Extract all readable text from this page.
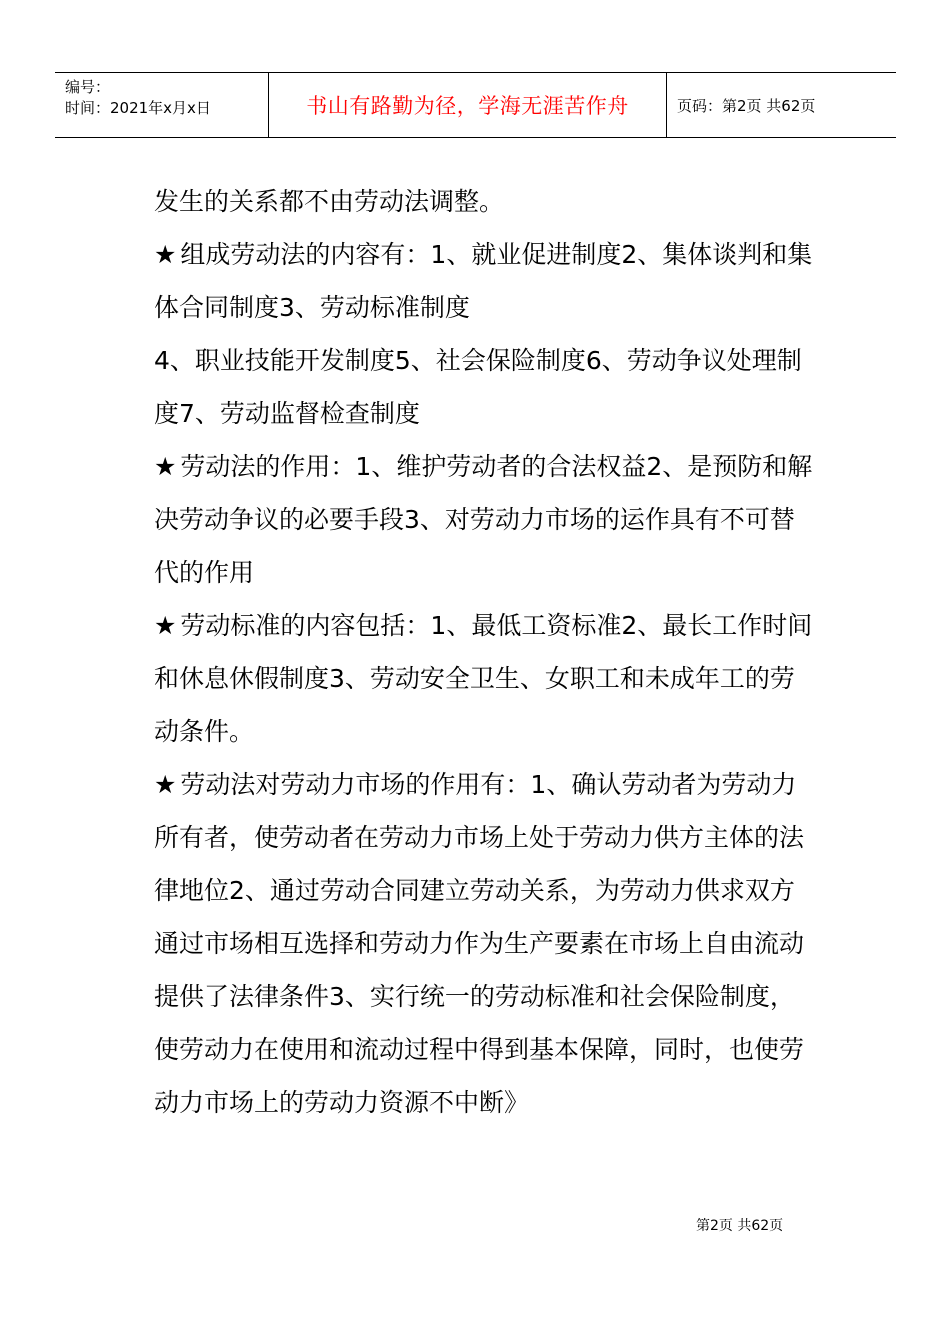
编号：
时间：2021年x月x日	书山有路勤为径，学海无涯苦作舟	页码：第2页 共62页

发生的关系都不由劳动法调整。

★ 组成劳动法的内容有：1、就业促进制度2、集体谈判和集体合同制度3、劳动标准制度

4、职业技能开发制度5、社会保险制度6、劳动争议处理制度7、劳动监督检查制度

★ 劳动法的作用：1、维护劳动者的合法权益2、是预防和解决劳动争议的必要手段3、对劳动力市场的运作具有不可替代的作用

★ 劳动标准的内容包括：1、最低工资标准2、最长工作时间和休息休假制度3、劳动安全卫生、女职工和未成年工的劳动条件。

★ 劳动法对劳动力市场的作用有：1、确认劳动者为劳动力所有者，使劳动者在劳动力市场上处于劳动力供方主体的法律地位2、通过劳动合同建立劳动关系，为劳动力供求双方通过市场相互选择和劳动力作为生产要素在市场上自由流动提供了法律条件3、实行统一的劳动标准和社会保险制度，使劳动力在使用和流动过程中得到基本保障，同时，也使劳动力市场上的劳动力资源不中断》

第2页 共62页
